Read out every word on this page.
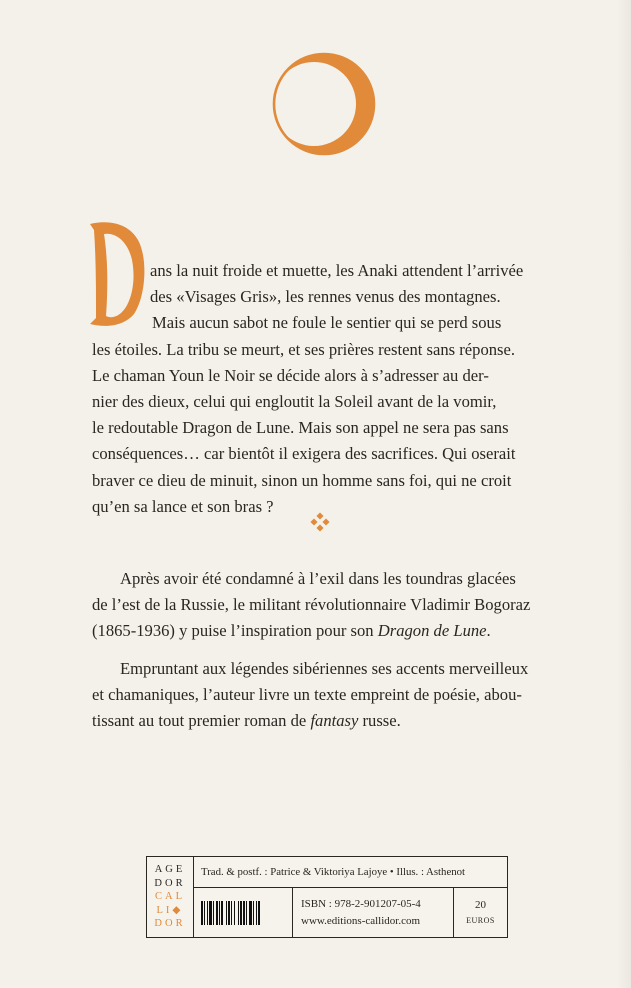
D
ans la nuit froide et muette, les Anaki attendent l’arrivée
des «Visages Gris», les rennes venus des montagnes.
Mais aucun sabot ne foule le sentier qui se perd sous
les étoiles. La tribu se meurt, et ses prières restent sans réponse.
Le chaman Youn le Noir se décide alors à s’adresser au der-
nier des dieux, celui qui engloutit la Soleil avant de la vomir,
le redoutable Dragon de Lune. Mais son appel ne sera pas sans
conséquences… car bientôt il exigera des sacrifices. Qui oserait
braver ce dieu de minuit, sinon un homme sans foi, qui ne croit
qu’en sa lance et son bras ?
Après avoir été condamné à l’exil dans les toundras glacées
de l’est de la Russie, le militant révolutionnaire Vladimir Bogoraz
(1865-1936) y puise l’inspiration pour son Dragon de Lune.
Empruntant aux légendes sibériennes ses accents merveilleux
et chamaniques, l’auteur livre un texte empreint de poésie, abou-
tissant au tout premier roman de fantasy russe.
AGE
DOR
CAL
LI◆
DOR
Trad. & postf. : Patrice & Viktoriya Lajoye • Illus. : Asthenot
ISBN : 978-2-901207-05-4
www.editions-callidor.com
20
EUROS
